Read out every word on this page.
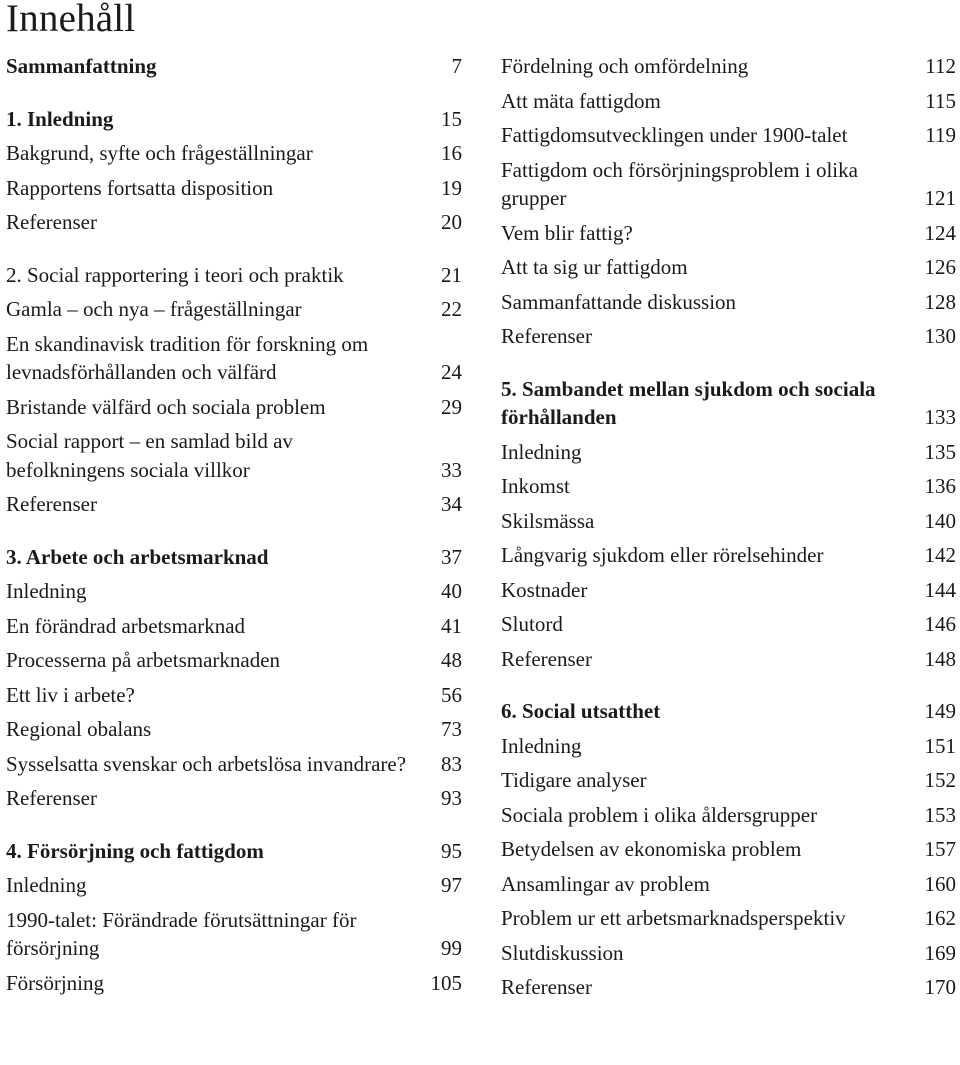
Innehåll
Sammanfattning	7
1. Inledning	15
Bakgrund, syfte och frågeställningar	16
Rapportens fortsatta disposition	19
Referenser	20
2. Social rapportering i teori och praktik	21
Gamla – och nya – frågeställningar	22
En skandinavisk tradition för forskning om levnadsförhållanden och välfärd	24
Bristande välfärd och sociala problem	29
Social rapport – en samlad bild av befolkningens sociala villkor	33
Referenser	34
3. Arbete och arbetsmarknad	37
Inledning	40
En förändrad arbetsmarknad	41
Processerna på arbetsmarknaden	48
Ett liv i arbete?	56
Regional obalans	73
Sysselsatta svenskar och arbetslösa invandrare?	83
Referenser	93
4. Försörjning och fattigdom	95
Inledning	97
1990-talet: Förändrade förutsättningar för försörjning	99
Försörjning	105
Fördelning och omfördelning	112
Att mäta fattigdom	115
Fattigdomsutvecklingen under 1900-talet	119
Fattigdom och försörjningsproblem i olika grupper	121
Vem blir fattig?	124
Att ta sig ur fattigdom	126
Sammanfattande diskussion	128
Referenser	130
5. Sambandet mellan sjukdom och sociala förhållanden	133
Inledning	135
Inkomst	136
Skilsmässa	140
Långvarig sjukdom eller rörelsehinder	142
Kostnader	144
Slutord	146
Referenser	148
6. Social utsatthet	149
Inledning	151
Tidigare analyser	152
Sociala problem i olika åldersgrupper	153
Betydelsen av ekonomiska problem	157
Ansamlingar av problem	160
Problem ur ett arbetsmarknadsperspektiv	162
Slutdiskussion	169
Referenser	170
